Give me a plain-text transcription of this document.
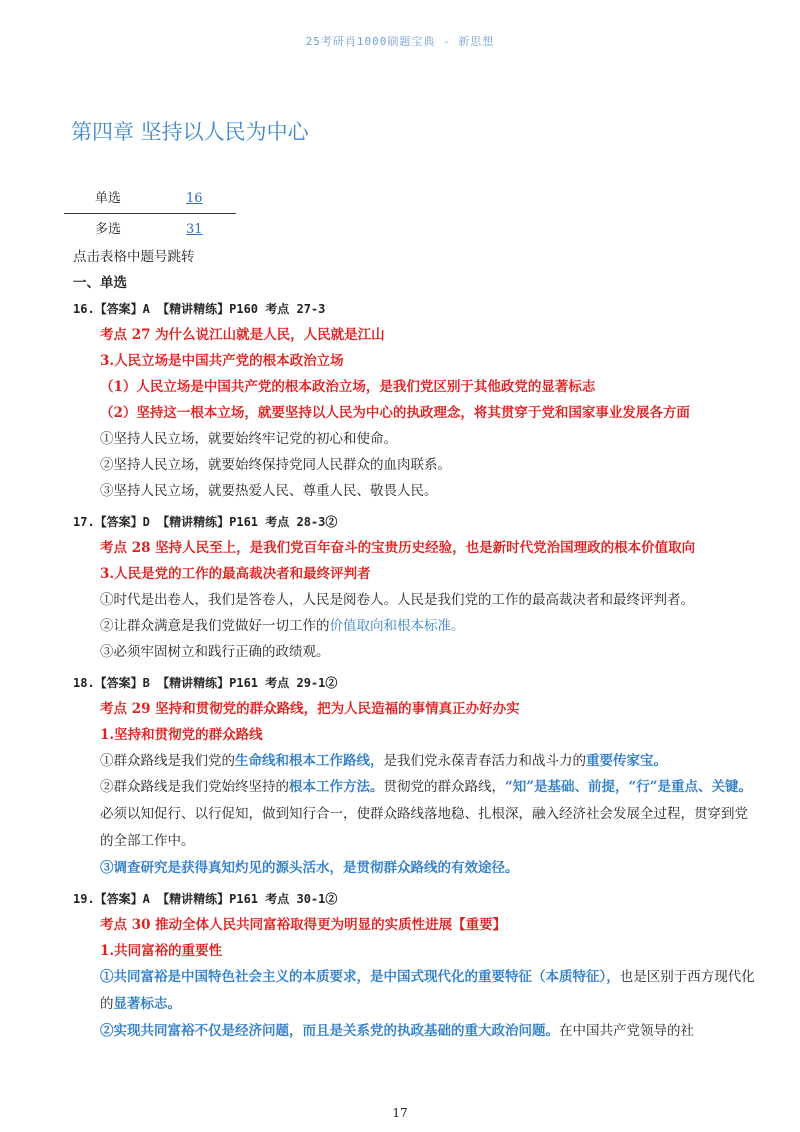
25考研肖1000刷题宝典 - 新思想
第四章 坚持以人民为中心
单选	16
多选	31
点击表格中题号跳转
一、单选
16.【答案】A 【精讲精练】P160 考点 27-3
考点 27 为什么说江山就是人民，人民就是江山
3.人民立场是中国共产党的根本政治立场
（1）人民立场是中国共产党的根本政治立场，是我们党区别于其他政党的显著标志
（2）坚持这一根本立场，就要坚持以人民为中心的执政理念，将其贯穿于党和国家事业发展各方面
①坚持人民立场，就要始终牢记党的初心和使命。
②坚持人民立场，就要始终保持党同人民群众的血肉联系。
③坚持人民立场，就要热爱人民、尊重人民、敬畏人民。
17.【答案】D 【精讲精练】P161 考点 28-3②
考点 28 坚持人民至上，是我们党百年奋斗的宝贵历史经验，也是新时代党治国理政的根本价值取向
3.人民是党的工作的最高裁决者和最终评判者
①时代是出卷人，我们是答卷人，人民是阅卷人。人民是我们党的工作的最高裁决者和最终评判者。
②让群众满意是我们党做好一切工作的价值取向和根本标准。
③必须牢固树立和践行正确的政绩观。
18.【答案】B 【精讲精练】P161 考点 29-1②
考点 29 坚持和贯彻党的群众路线，把为人民造福的事情真正办好办实
1.坚持和贯彻党的群众路线
①群众路线是我们党的生命线和根本工作路线，是我们党永葆青春活力和战斗力的重要传家宝。
②群众路线是我们党始终坚持的根本工作方法。贯彻党的群众路线，“知”是基础、前提，“行”是重点、关键。必须以知促行、以行促知，做到知行合一，使群众路线落地稳、扎根深，融入经济社会发展全过程，贯穿到党的全部工作中。
③调查研究是获得真知灼见的源头活水，是贯彻群众路线的有效途径。
19.【答案】A 【精讲精练】P161 考点 30-1②
考点 30 推动全体人民共同富裕取得更为明显的实质性进展【重要】
1.共同富裕的重要性
①共同富裕是中国特色社会主义的本质要求，是中国式现代化的重要特征（本质特征），也是区别于西方现代化的显著标志。
②实现共同富裕不仅是经济问题，而且是关系党的执政基础的重大政治问题。在中国共产党领导的社
17
